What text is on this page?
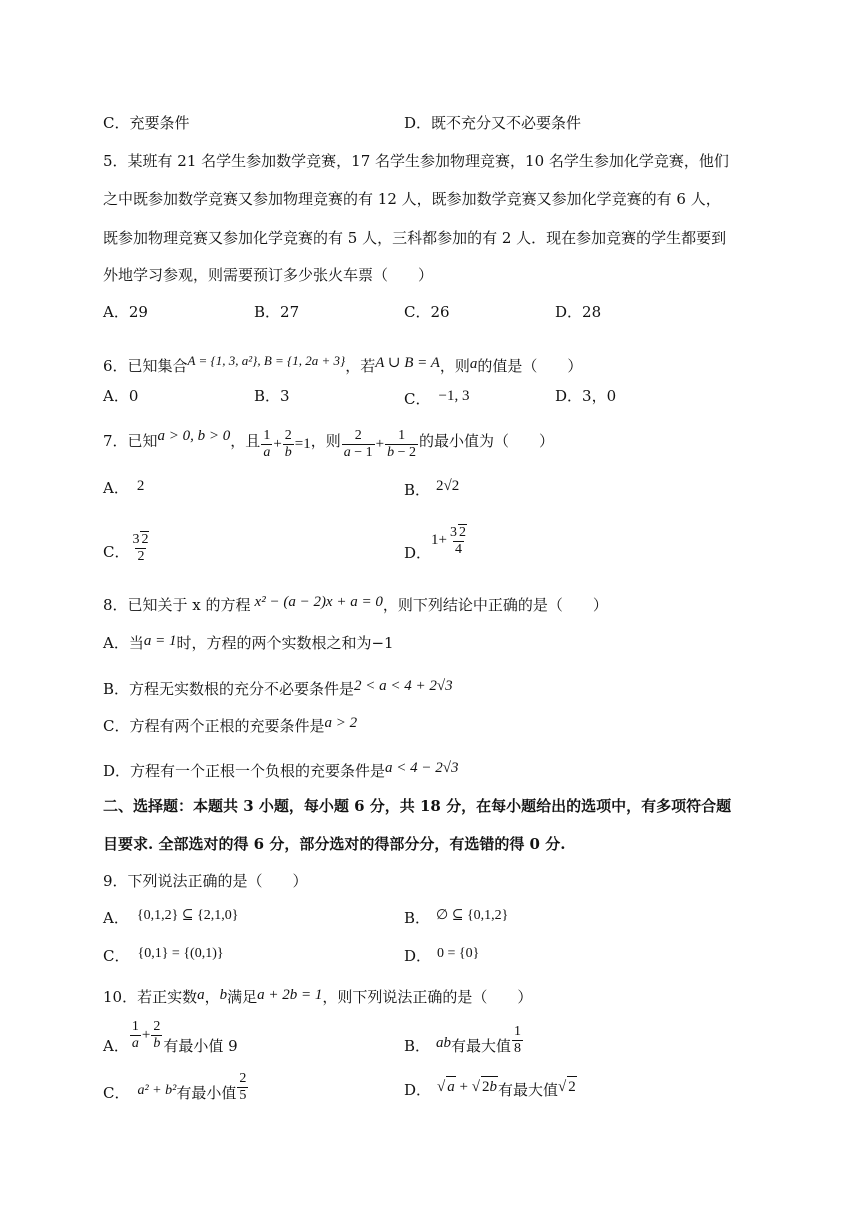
C．充要条件	D．既不充分又不必要条件
5．某班有 21 名学生参加数学竞赛，17 名学生参加物理竞赛，10 名学生参加化学竞赛，他们
之中既参加数学竞赛又参加物理竞赛的有 12 人，既参加数学竞赛又参加化学竞赛的有 6 人，
既参加物理竞赛又参加化学竞赛的有 5 人，三科都参加的有 2 人．现在参加竞赛的学生都要到
外地学习参观，则需要预订多少张火车票（　　）
A．29	B．27	C．26	D．28
6．已知集合A = {1, 3, a²}, B = {1, 2a + 3}，若A ∪ B = A，则a的值是（　　）
A．0	B．3	C． −1, 3	D．3，0
7．已知a > 0, b > 0，且 $\frac{1}{a} + \frac{2}{b} =1$，则 $\frac{2}{a - 1} + \frac{1}{b - 2}$ 的最小值为（　　）
A． 2	B． 2√2
C． $\frac{3 2}{2}$	D．$1+ \frac{3 2}{4}$
8．已知关于 x 的方程 x² − (a − 2)x + a = 0，则下列结论中正确的是（　　）
A．当a = 1时，方程的两个实数根之和为−1
B．方程无实数根的充分不必要条件是2 < a < 4 + 2√3
C．方程有两个正根的充要条件是a > 2
D．方程有一个正根一个负根的充要条件是a < 4 − 2√3
二、选择题：本题共 3 小题，每小题 6 分，共 18 分，在每小题给出的选项中，有多项符合题
目要求. 全部选对的得 6 分，部分选对的得部分分，有选错的得 0 分.
9．下列说法正确的是（　　）
A． {0,1,2} ⊆ {2,1,0}	B． ∅ ⊆ {0,1,2}
C． {0,1} = {(0,1)}	D． 0 = {0}
10．若正实数a，b满足a + 2b = 1，则下列说法正确的是（　　）
A． $\frac{1}{a} + \frac{2}{b}$ 有最小值 9	B． ab有最大值 $\frac{1}{8}$
C． a² + b²有最小值 $\frac{2}{5}$	D． √ a + √ 2b有最大值√ 2
